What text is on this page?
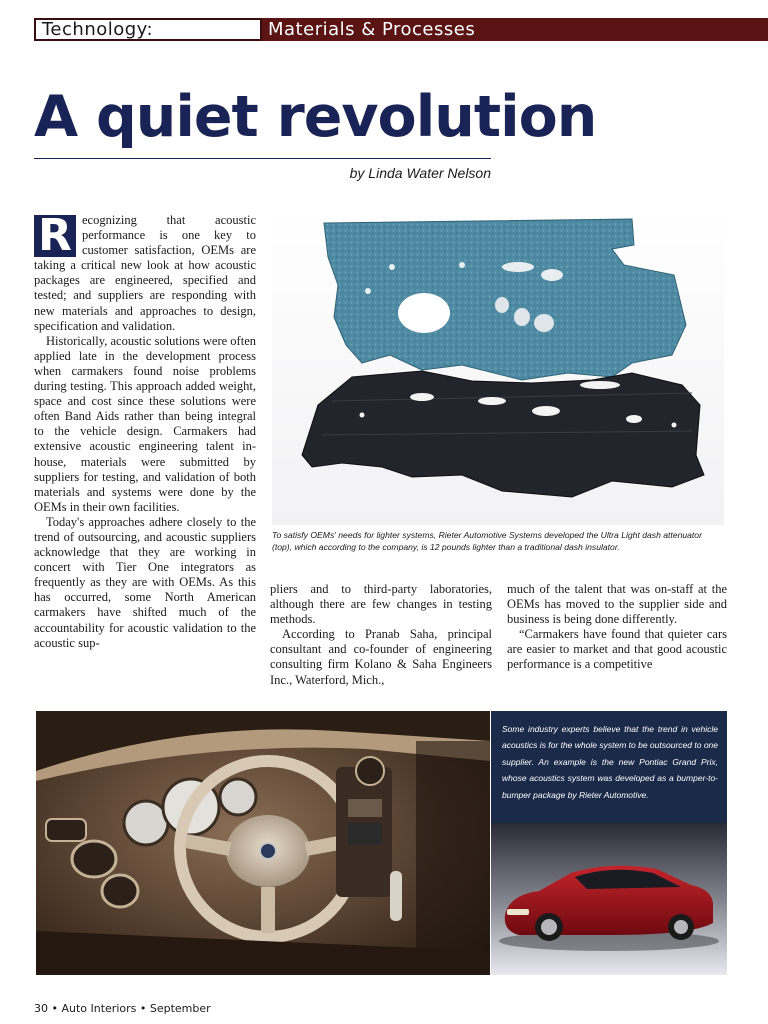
Technology:	Materials & Processes
A quiet revolution
by Linda Water Nelson

R ecognizing that acoustic performance is one key to customer satisfaction, OEMs are taking a critical new look at how acoustic packages are engineered, specified and tested; and suppliers are responding with new materials and approaches to design, specification and validation.

Historically, acoustic solutions were often applied late in the development process when carmakers found noise problems during testing. This approach added weight, space and cost since these solutions were often Band Aids rather than being integral to the vehicle design. Carmakers had extensive acoustic engineering talent in-house, materials were submitted by suppliers for testing, and validation of both materials and systems were done by the OEMs in their own facilities.

Today's approaches adhere closely to the trend of outsourcing, and acoustic suppliers acknowledge that they are working in concert with Tier One integrators as frequently as they are with OEMs. As this has occurred, some North American carmakers have shifted much of the accountability for acoustic validation to the acoustic sup-

To satisfy OEMs' needs for lighter systems, Rieter Automotive Systems developed the Ultra Light dash attenuator (top), which according to the company, is 12 pounds lighter than a traditional dash insulator.

pliers and to third-party laboratories, although there are few changes in testing methods.

According to Pranab Saha, principal consultant and co-founder of engineering consulting firm Kolano & Saha Engineers Inc., Waterford, Mich.,

much of the talent that was on-staff at the OEMs has moved to the supplier side and business is being done differently.

“Carmakers have found that quieter cars are easier to market and that good acoustic performance is a competitive

Some industry experts believe that the trend in vehicle acoustics is for the whole system to be outsourced to one supplier. An example is the new Pontiac Grand Prix, whose acoustics system was developed as a bumper-to-bumper package by Rieter Automotive.
30 • Auto Interiors • September
